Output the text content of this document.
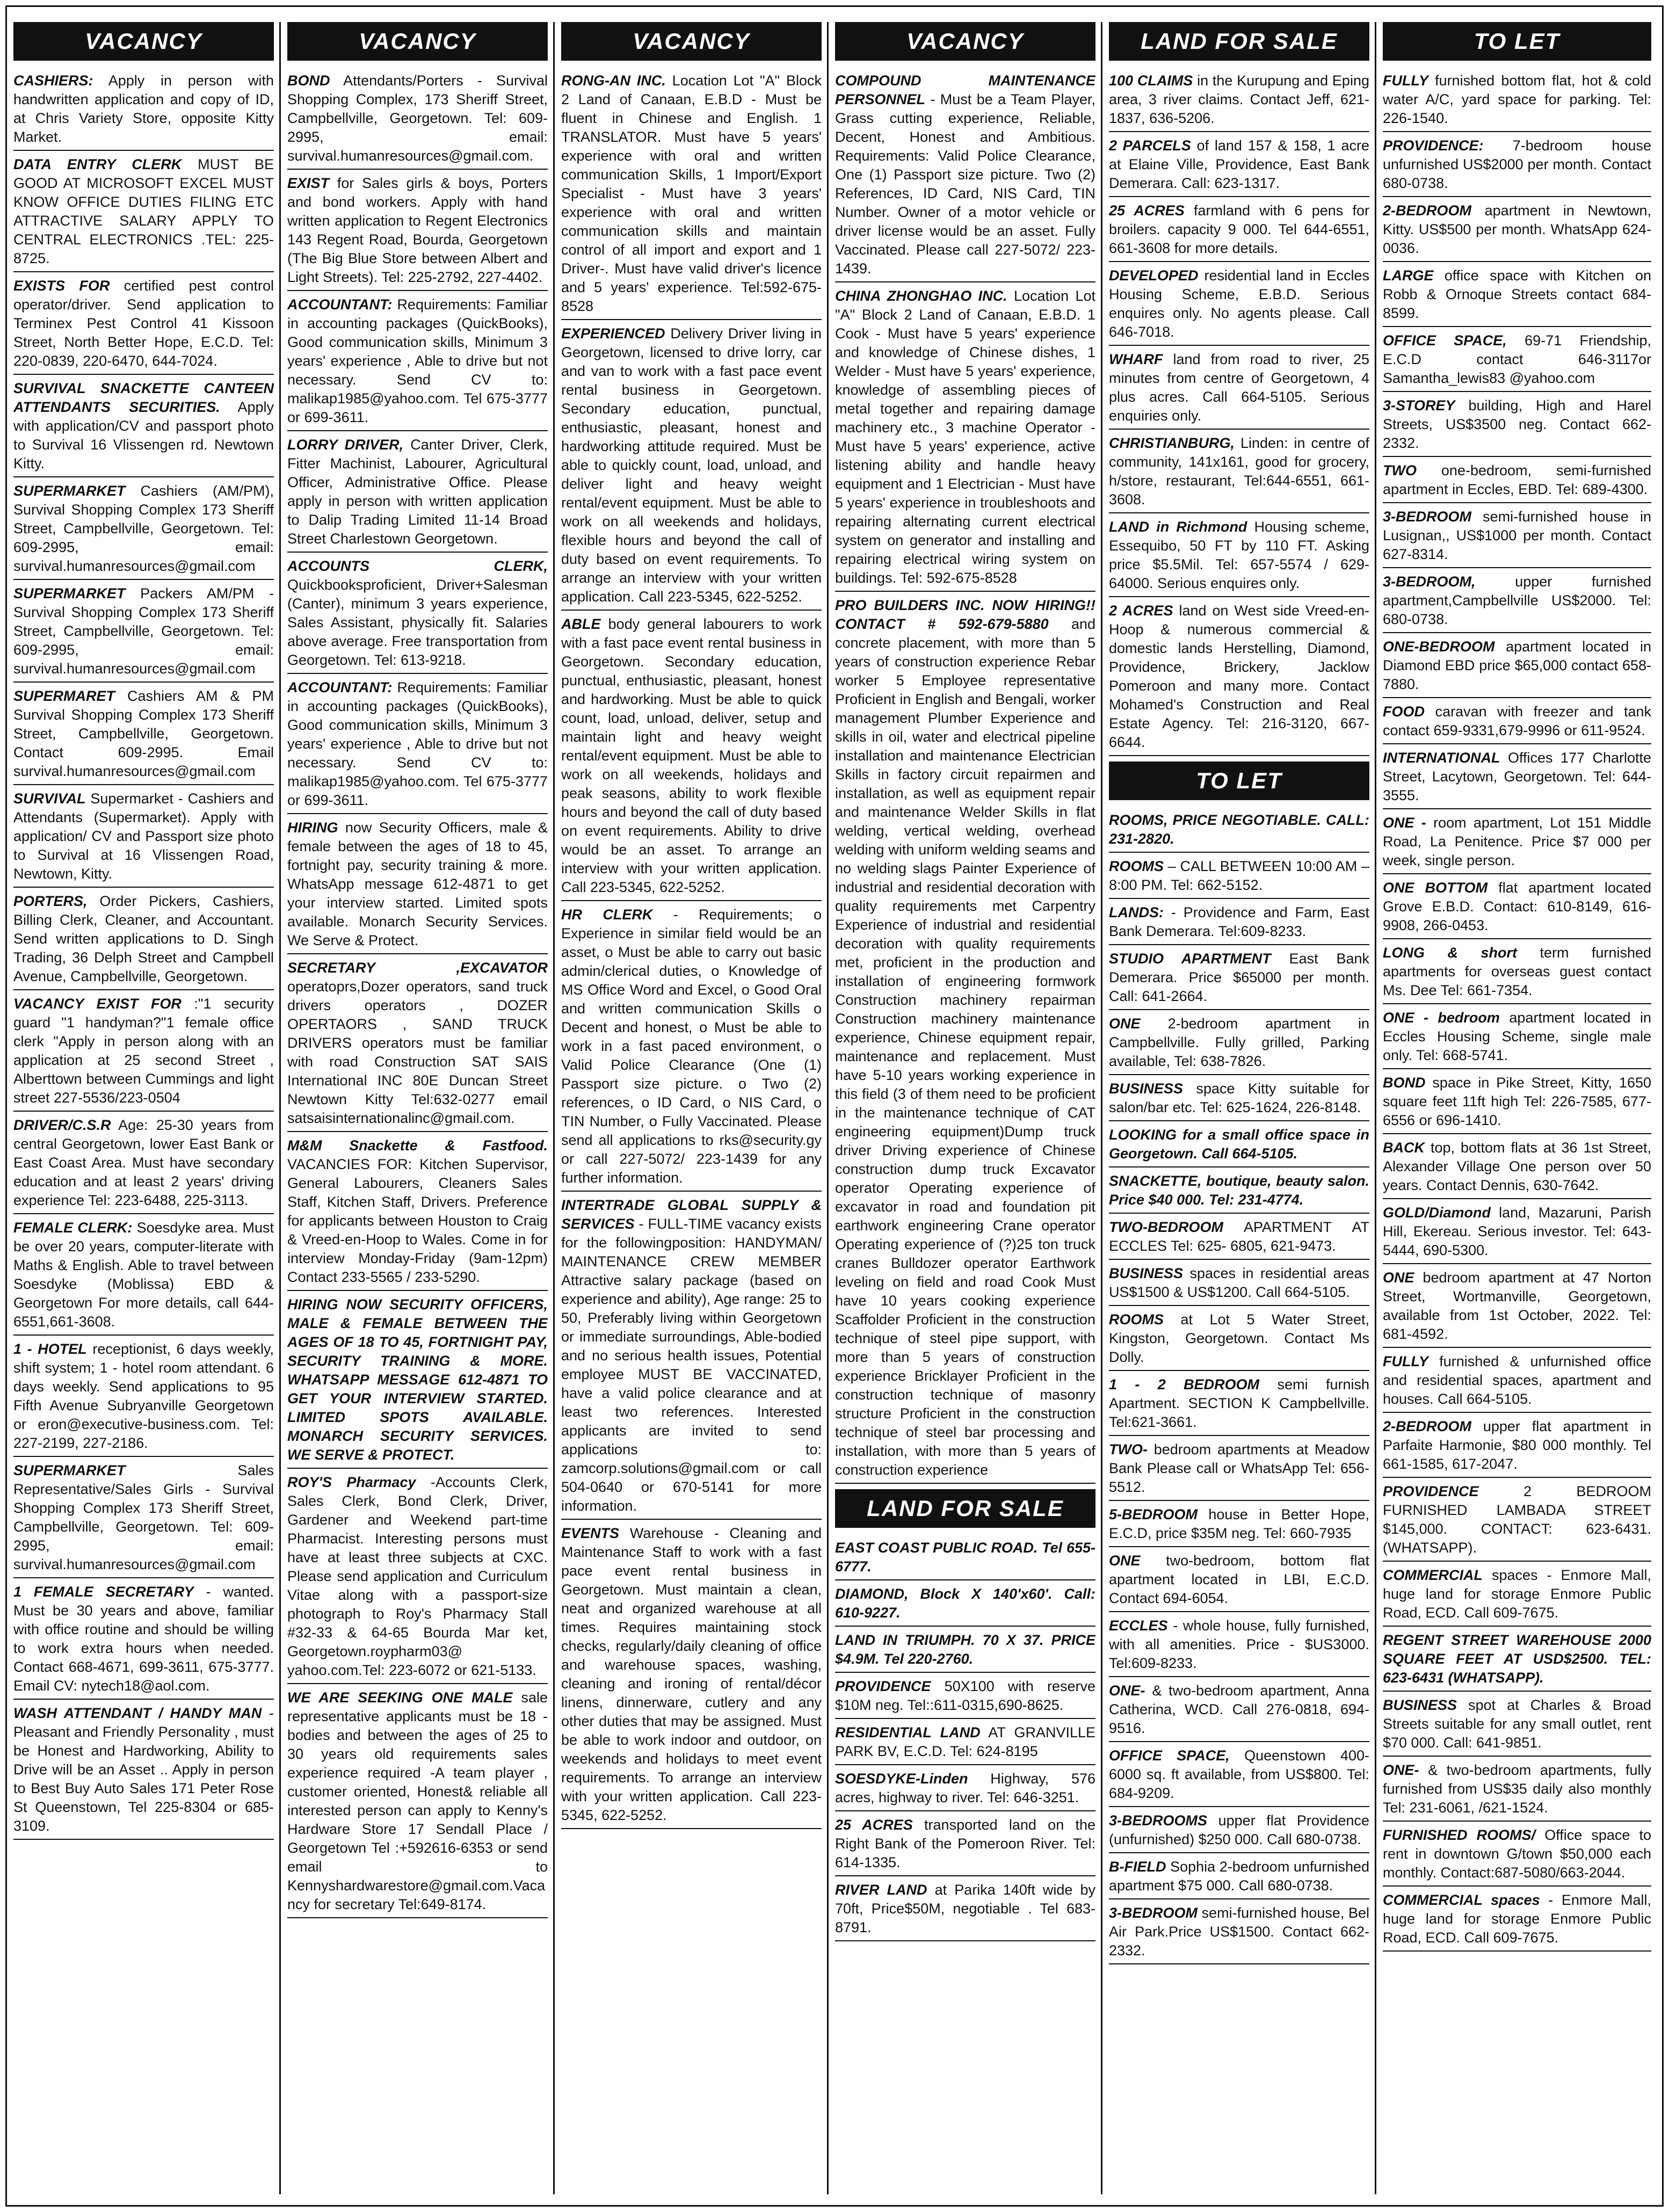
VACANCY
CASHIERS: Apply in person with handwritten application and copy of ID, at Chris Variety Store, opposite Kitty Market.
DATA ENTRY CLERK MUST BE GOOD AT MICROSOFT EXCEL MUST KNOW OFFICE DUTIES FILING ETC ATTRACTIVE SALARY APPLY TO CENTRAL ELECTRONICS .TEL: 225-8725.
EXISTS FOR certified pest control operator/driver. Send application to Terminex Pest Control 41 Kissoon Street, North Better Hope, E.C.D. Tel: 220-0839, 220-6470, 644-7024.
SURVIVAL SNACKETTE CANTEEN ATTENDANTS SECURITIES. Apply with application/CV and passport photo to Survival 16 Vlissengen rd. Newtown Kitty.
SUPERMARKET Cashiers (AM/PM), Survival Shopping Complex 173 Sheriff Street, Campbellville, Georgetown. Tel: 609-2995, email: survival.humanresources@gmail.com
SUPERMARKET Packers AM/PM - Survival Shopping Complex 173 Sheriff Street, Campbellville, Georgetown. Tel: 609-2995, email: survival.humanresources@gmail.com
SUPERMARET Cashiers AM & PM Survival Shopping Complex 173 Sheriff Street, Campbellville, Georgetown. Contact 609-2995. Email survival.humanresources@gmail.com
SURVIVAL Supermarket - Cashiers and Attendants (Supermarket). Apply with application/ CV and Passport size photo to Survival at 16 Vlissengen Road, Newtown, Kitty.
PORTERS, Order Pickers, Cashiers, Billing Clerk, Cleaner, and Accountant. Send written applications to D. Singh Trading, 36 Delph Street and Campbell Avenue, Campbellville, Georgetown.
VACANCY EXIST FOR :"1 security guard "1 handyman?"1 female office clerk "Apply in person along with an application at 25 second Street , Alberttown between Cummings and light street 227-5536/223-0504
DRIVER/C.S.R Age: 25-30 years from central Georgetown, lower East Bank or East Coast Area. Must have secondary education and at least 2 years' driving experience Tel: 223-6488, 225-3113.
FEMALE CLERK: Soesdyke area. Must be over 20 years, computer-literate with Maths & English. Able to travel between Soesdyke (Moblissa) EBD & Georgetown For more details, call 644-6551,661-3608.
1 - HOTEL receptionist, 6 days weekly, shift system; 1 - hotel room attendant. 6 days weekly. Send applications to 95 Fifth Avenue Subryanville Georgetown or eron@executive-business.com. Tel: 227-2199, 227-2186.
SUPERMARKET	Sales Representative/Sales Girls - Survival Shopping Complex 173 Sheriff Street, Campbellville, Georgetown. Tel: 609-2995, email: survival.humanresources@gmail.com
1 FEMALE SECRETARY - wanted. Must be 30 years and above, familiar with office routine and should be willing to work extra hours when needed. Contact 668-4671, 699-3611, 675-3777. Email CV: nytech18@aol.com.
WASH ATTENDANT / HANDY MAN - Pleasant and Friendly Personality , must be Honest and Hardworking, Ability to Drive will be an Asset .. Apply in person to Best Buy Auto Sales 171 Peter Rose St Queenstown, Tel 225-8304 or 685-3109.
VACANCY
BOND Attendants/Porters - Survival Shopping Complex, 173 Sheriff Street, Campbellville, Georgetown. Tel: 609-2995, email: survival.humanresources@gmail.com.
EXIST for Sales girls & boys, Porters and bond workers. Apply with hand written application to Regent Electronics 143 Regent Road, Bourda, Georgetown (The Big Blue Store between Albert and Light Streets). Tel: 225-2792, 227-4402.
ACCOUNTANT: Requirements: Familiar in accounting packages (QuickBooks), Good communication skills, Minimum 3 years' experience , Able to drive but not necessary. Send CV to: malikap1985@yahoo.com. Tel 675-3777 or 699-3611.
LORRY DRIVER, Canter Driver, Clerk, Fitter Machinist, Labourer, Agricultural Officer, Administrative Office. Please apply in person with written application to Dalip Trading Limited 11-14 Broad Street Charlestown Georgetown.
ACCOUNTS CLERK, Quickbooksproficient, Driver+Salesman (Canter), minimum 3 years experience, Sales Assistant, physically fit. Salaries above average. Free transportation from Georgetown. Tel: 613-9218.
ACCOUNTANT: Requirements: Familiar in accounting packages (QuickBooks), Good communication skills, Minimum 3 years' experience , Able to drive but not necessary. Send CV to: malikap1985@yahoo.com. Tel 675-3777 or 699-3611.
HIRING now Security Officers, male & female between the ages of 18 to 45, fortnight pay, security training & more. WhatsApp message 612-4871 to get your interview started. Limited spots available. Monarch Security Services. We Serve & Protect.
SECRETARY ,EXCAVATOR operatoprs,Dozer operators, sand truck drivers operators , DOZER OPERTAORS , SAND TRUCK DRIVERS operators must be familiar with road Construction SAT SAIS International INC 80E Duncan Street Newtown Kitty Tel:632-0277 email satsaisinternationalinc@gmail.com.
M&M Snackette & Fastfood. VACANCIES FOR: Kitchen Supervisor, General Labourers, Cleaners Sales Staff, Kitchen Staff, Drivers. Preference for applicants between Houston to Craig & Vreed-en-Hoop to Wales. Come in for interview Monday-Friday (9am-12pm) Contact 233-5565 / 233-5290.
HIRING NOW SECURITY OFFICERS, MALE & FEMALE BETWEEN THE AGES OF 18 TO 45, FORTNIGHT PAY, SECURITY TRAINING & MORE. WHATSAPP MESSAGE 612-4871 TO GET YOUR INTERVIEW STARTED. LIMITED SPOTS AVAILABLE. MONARCH SECURITY SERVICES. WE SERVE & PROTECT.
ROY'S Pharmacy -Accounts Clerk, Sales Clerk, Bond Clerk, Driver, Gardener and Weekend part-time Pharmacist. Interesting persons must have at least three subjects at CXC. Please send application and Curriculum Vitae along with a passport-size photograph to Roy's Pharmacy Stall #32-33 & 64-65 Bourda Mar ket, Georgetown.roypharm03@ yahoo.com.Tel: 223-6072 or 621-5133.
WE ARE SEEKING ONE MALE sale representative applicants must be 18 -bodies and between the ages of 25 to 30 years old requirements sales experience required -A team player , customer oriented, Honest& reliable all interested person can apply to Kenny's Hardware Store 17 Sendall Place / Georgetown Tel :+592616-6353 or send email to Kennyshardwarestore@gmail.com.Vacancy for secretary Tel:649-8174.
VACANCY
RONG-AN INC. Location Lot "A" Block 2 Land of Canaan, E.B.D - Must be fluent in Chinese and English. 1 TRANSLATOR. Must have 5 years' experience with oral and written communication Skills, 1 Import/Export Specialist - Must have 3 years' experience with oral and written communication skills and maintain control of all import and export and 1 Driver-. Must have valid driver's licence and 5 years' experience. Tel:592-675-8528
EXPERIENCED Delivery Driver living in Georgetown, licensed to drive lorry, car and van to work with a fast pace event rental business in Georgetown. Secondary education, punctual, enthusiastic, pleasant, honest and hardworking attitude required. Must be able to quickly count, load, unload, and deliver light and heavy weight rental/event equipment. Must be able to work on all weekends and holidays, flexible hours and beyond the call of duty based on event requirements. To arrange an interview with your written application. Call 223-5345, 622-5252.
ABLE body general labourers to work with a fast pace event rental business in Georgetown. Secondary education, punctual, enthusiastic, pleasant, honest and hardworking. Must be able to quick count, load, unload, deliver, setup and maintain light and heavy weight rental/event equipment. Must be able to work on all weekends, holidays and peak seasons, ability to work flexible hours and beyond the call of duty based on event requirements. Ability to drive would be an asset. To arrange an interview with your written application. Call 223-5345, 622-5252.
HR CLERK - Requirements; o Experience in similar field would be an asset, o Must be able to carry out basic admin/clerical duties, o Knowledge of MS Office Word and Excel, o Good Oral and written communication Skills o Decent and honest, o Must be able to work in a fast paced environment, o Valid Police Clearance (One (1) Passport size picture. o Two (2) references, o ID Card, o NIS Card, o TIN Number, o Fully Vaccinated. Please send all applications to rks@security.gy or call 227-5072/ 223-1439 for any further information.
INTERTRADE GLOBAL SUPPLY & SERVICES - FULL-TIME vacancy exists for the followingposition: HANDYMAN/ MAINTENANCE CREW MEMBER Attractive salary package (based on experience and ability), Age range: 25 to 50, Preferably living within Georgetown or immediate surroundings, Able-bodied and no serious health issues, Potential employee MUST BE VACCINATED, have a valid police clearance and at least two references. Interested applicants are invited to send applications to: zamcorp.solutions@gmail.com or call 504-0640 or 670-5141 for more information.
EVENTS Warehouse - Cleaning and Maintenance Staff to work with a fast pace event rental business in Georgetown. Must maintain a clean, neat and organized warehouse at all times. Requires maintaining stock checks, regularly/daily cleaning of office and warehouse spaces, washing, cleaning and ironing of rental/décor linens, dinnerware, cutlery and any other duties that may be assigned. Must be able to work indoor and outdoor, on weekends and holidays to meet event requirements. To arrange an interview with your written application. Call 223-5345, 622-5252.
VACANCY
COMPOUND MAINTENANCE PERSONNEL - Must be a Team Player, Grass cutting experience, Reliable, Decent, Honest and Ambitious. Requirements: Valid Police Clearance, One (1) Passport size picture. Two (2) References, ID Card, NIS Card, TIN Number. Owner of a motor vehicle or driver license would be an asset. Fully Vaccinated. Please call 227-5072/ 223-1439.
CHINA ZHONGHAO INC. Location Lot "A" Block 2 Land of Canaan, E.B.D. 1 Cook - Must have 5 years' experience and knowledge of Chinese dishes, 1 Welder - Must have 5 years' experience, knowledge of assembling pieces of metal together and repairing damage machinery etc., 3 machine Operator - Must have 5 years' experience, active listening ability and handle heavy equipment and 1 Electrician - Must have 5 years' experience in troubleshoots and repairing alternating current electrical system on generator and installing and repairing electrical wiring system on buildings. Tel: 592-675-8528
PRO BUILDERS INC. NOW HIRING!! CONTACT # 592-679-5880 and concrete placement, with more than 5 years of construction experience Rebar worker 5 Employee representative Proficient in English and Bengali, worker management Plumber Experience and skills in oil, water and electrical pipeline installation and maintenance Electrician Skills in factory circuit repairmen and installation, as well as equipment repair and maintenance Welder Skills in flat welding, vertical welding, overhead welding with uniform welding seams and no welding slags Painter Experience of industrial and residential decoration with quality requirements met Carpentry Experience of industrial and residential decoration with quality requirements met, proficient in the production and installation of engineering formwork Construction machinery repairman Construction machinery maintenance experience, Chinese equipment repair, maintenance and replacement. Must have 5-10 years working experience in this field (3 of them need to be proficient in the maintenance technique of CAT engineering equipment)Dump truck driver Driving experience of Chinese construction dump truck Excavator operator Operating experience of excavator in road and foundation pit earthwork engineering Crane operator Operating experience of (?)25 ton truck cranes Bulldozer operator Earthwork leveling on field and road Cook Must have 10 years cooking experience Scaffolder Proficient in the construction technique of steel pipe support, with more than 5 years of construction experience Bricklayer Proficient in the construction technique of masonry structure Proficient in the construction technique of steel bar processing and installation, with more than 5 years of construction experience
LAND FOR SALE
EAST COAST PUBLIC ROAD. Tel 655-6777.
DIAMOND, Block X 140'x60'. Call: 610-9227.
LAND IN TRIUMPH. 70 X 37. PRICE $4.9M. Tel 220-2760.
PROVIDENCE 50X100 with reserve $10M neg. Tel::611-0315,690-8625.
RESIDENTIAL LAND AT GRANVILLE PARK BV, E.C.D. Tel: 624-8195
SOESDYKE-Linden Highway, 576 acres, highway to river. Tel: 646-3251.
25 ACRES transported land on the Right Bank of the Pomeroon River. Tel: 614-1335.
RIVER LAND at Parika 140ft wide by 70ft, Price$50M, negotiable . Tel 683-8791.
LAND FOR SALE
100 CLAIMS in the Kurupung and Eping area, 3 river claims. Contact Jeff, 621-1837, 636-5206.
2 PARCELS of land 157 & 158, 1 acre at Elaine Ville, Providence, East Bank Demerara. Call: 623-1317.
25 ACRES farmland with 6 pens for broilers. capacity 9 000. Tel 644-6551, 661-3608 for more details.
DEVELOPED residential land in Eccles Housing Scheme, E.B.D. Serious enquires only. No agents please. Call 646-7018.
WHARF land from road to river, 25 minutes from centre of Georgetown, 4 plus acres. Call 664-5105. Serious enquiries only.
CHRISTIANBURG, Linden: in centre of community, 141x161, good for grocery, h/store, restaurant, Tel:644-6551, 661-3608.
LAND in Richmond Housing scheme, Essequibo, 50 FT by 110 FT. Asking price $5.5Mil. Tel: 657-5574 / 629-64000. Serious enquires only.
2 ACRES land on West side Vreed-en-Hoop & numerous commercial & domestic lands Herstelling, Diamond, Providence, Brickery, Jacklow Pomeroon and many more. Contact Mohamed's Construction and Real Estate Agency. Tel: 216-3120, 667-6644.
TO LET
ROOMS, PRICE NEGOTIABLE. CALL: 231-2820.
ROOMS – CALL BETWEEN 10:00 AM – 8:00 PM. Tel: 662-5152.
LANDS: - Providence and Farm, East Bank Demerara. Tel:609-8233.
STUDIO APARTMENT East Bank Demerara. Price $65000 per month. Call: 641-2664.
ONE 2-bedroom apartment in Campbellville. Fully grilled, Parking available, Tel: 638-7826.
BUSINESS space Kitty suitable for salon/bar etc. Tel: 625-1624, 226-8148.
LOOKING for a small office space in Georgetown. Call 664-5105.
SNACKETTE, boutique, beauty salon. Price $40 000. Tel: 231-4774.
TWO-BEDROOM APARTMENT AT ECCLES Tel: 625- 6805, 621-9473.
BUSINESS spaces in residential areas US$1500 & US$1200. Call 664-5105.
ROOMS at Lot 5 Water Street, Kingston, Georgetown. Contact Ms Dolly.
1 - 2 BEDROOM semi furnish Apartment. SECTION K Campbellville. Tel:621-3661.
TWO- bedroom apartments at Meadow Bank Please call or WhatsApp Tel: 656-5512.
5-BEDROOM house in Better Hope, E.C.D, price $35M neg. Tel: 660-7935
ONE two-bedroom, bottom flat apartment located in LBI, E.C.D. Contact 694-6054.
ECCLES - whole house, fully furnished, with all amenities. Price - $US3000. Tel:609-8233.
ONE- & two-bedroom apartment, Anna Catherina, WCD. Call 276-0818, 694-9516.
OFFICE SPACE, Queenstown 400-6000 sq. ft available, from US$800. Tel: 684-9209.
3-BEDROOMS upper flat Providence (unfurnished) $250 000. Call 680-0738.
B-FIELD Sophia 2-bedroom unfurnished apartment $75 000. Call 680-0738.
3-BEDROOM semi-furnished house, Bel Air Park.Price US$1500. Contact 662-2332.
TO LET
FULLY furnished bottom flat, hot & cold water A/C, yard space for parking. Tel: 226-1540.
PROVIDENCE: 7-bedroom house unfurnished US$2000 per month. Contact 680-0738.
2-BEDROOM apartment in Newtown, Kitty. US$500 per month. WhatsApp 624-0036.
LARGE office space with Kitchen on Robb & Ornoque Streets contact 684-8599.
OFFICE SPACE, 69-71 Friendship, E.C.D contact 646-3117or Samantha_lewis83 @yahoo.com
3-STOREY building, High and Harel Streets, US$3500 neg. Contact 662-2332.
TWO one-bedroom, semi-furnished apartment in Eccles, EBD. Tel: 689-4300.
3-BEDROOM semi-furnished house in Lusignan,, US$1000 per month. Contact 627-8314.
3-BEDROOM,	upper furnished apartment,Campbellville US$2000. Tel: 680-0738.
ONE-BEDROOM apartment located in Diamond EBD price $65,000 contact 658-7880.
FOOD caravan with freezer and tank contact 659-9331,679-9996 or 611-9524.
INTERNATIONAL Offices 177 Charlotte Street, Lacytown, Georgetown. Tel: 644-3555.
ONE - room apartment, Lot 151 Middle Road, La Penitence. Price $7 000 per week, single person.
ONE BOTTOM flat apartment located Grove E.B.D. Contact: 610-8149, 616-9908, 266-0453.
LONG & short term furnished apartments for overseas guest contact Ms. Dee Tel: 661-7354.
ONE - bedroom apartment located in Eccles Housing Scheme, single male only. Tel: 668-5741.
BOND space in Pike Street, Kitty, 1650 square feet 11ft high Tel: 226-7585, 677-6556 or 696-1410.
BACK top, bottom flats at 36 1st Street, Alexander Village One person over 50 years. Contact Dennis, 630-7642.
GOLD/Diamond land, Mazaruni, Parish Hill, Ekereau. Serious investor. Tel: 643-5444, 690-5300.
ONE bedroom apartment at 47 Norton Street, Wortmanville, Georgetown, available from 1st October, 2022. Tel: 681-4592.
FULLY furnished & unfurnished office and residential spaces, apartment and houses. Call 664-5105.
2-BEDROOM upper flat apartment in Parfaite Harmonie, $80 000 monthly. Tel 661-1585, 617-2047.
PROVIDENCE	2 BEDROOM FURNISHED LAMBADA STREET $145,000. CONTACT: 623-6431. (WHATSAPP).
COMMERCIAL spaces - Enmore Mall, huge land for storage Enmore Public Road, ECD. Call 609-7675.
REGENT STREET WAREHOUSE 2000 SQUARE FEET AT USD$2500. TEL: 623-6431 (WHATSAPP).
BUSINESS spot at Charles & Broad Streets suitable for any small outlet, rent $70 000. Call: 641-9851.
ONE- & two-bedroom apartments, fully furnished from US$35 daily also monthly Tel: 231-6061, /621-1524.
FURNISHED ROOMS/ Office space to rent in downtown G/town $50,000 each monthly. Contact:687-5080/663-2044.
COMMERCIAL spaces - Enmore Mall, huge land for storage Enmore Public Road, ECD. Call 609-7675.
